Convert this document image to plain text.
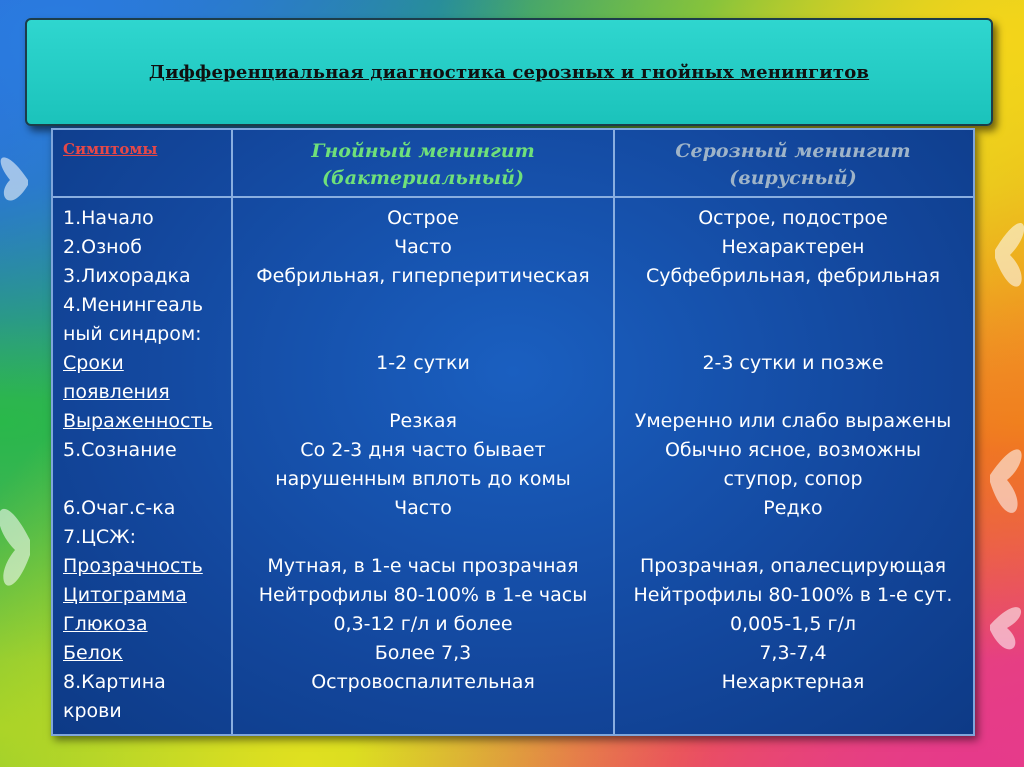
Дифференциальная диагностика серозных и гнойных менингитов
Симптомы	Гнойный менингит
(бактериальный)
Серозный менингит
(вирусный)
1.Начало
2.Озноб
3.Лихорадка
4.Менингеаль
ный синдром:
Сроки
появления
Выраженность
5.Сознание
6.Очаг.с-ка
7.ЦСЖ:
Прозрачность
Цитограмма
Глюкоза
Белок
8.Картина
крови
Острое
Часто
Фебрильная, гиперперитическая
1-2 сутки
Резкая
Со 2-3 дня часто бывает
нарушенным вплоть до комы
Часто
Мутная, в 1-е часы прозрачная
Нейтрофилы 80-100% в 1-е часы
0,3-12 г/л и более
Более 7,3
Островоспалительная
Острое, подострое
Нехарактерен
Субфебрильная, фебрильная
2-3 сутки и позже
Умеренно или слабо выражены
Обычно ясное, возможны
ступор, сопор
Редко
Прозрачная, опалесцирующая
Нейтрофилы 80-100% в 1-е сут.
0,005-1,5 г/л
7,3-7,4
Нехарктерная
